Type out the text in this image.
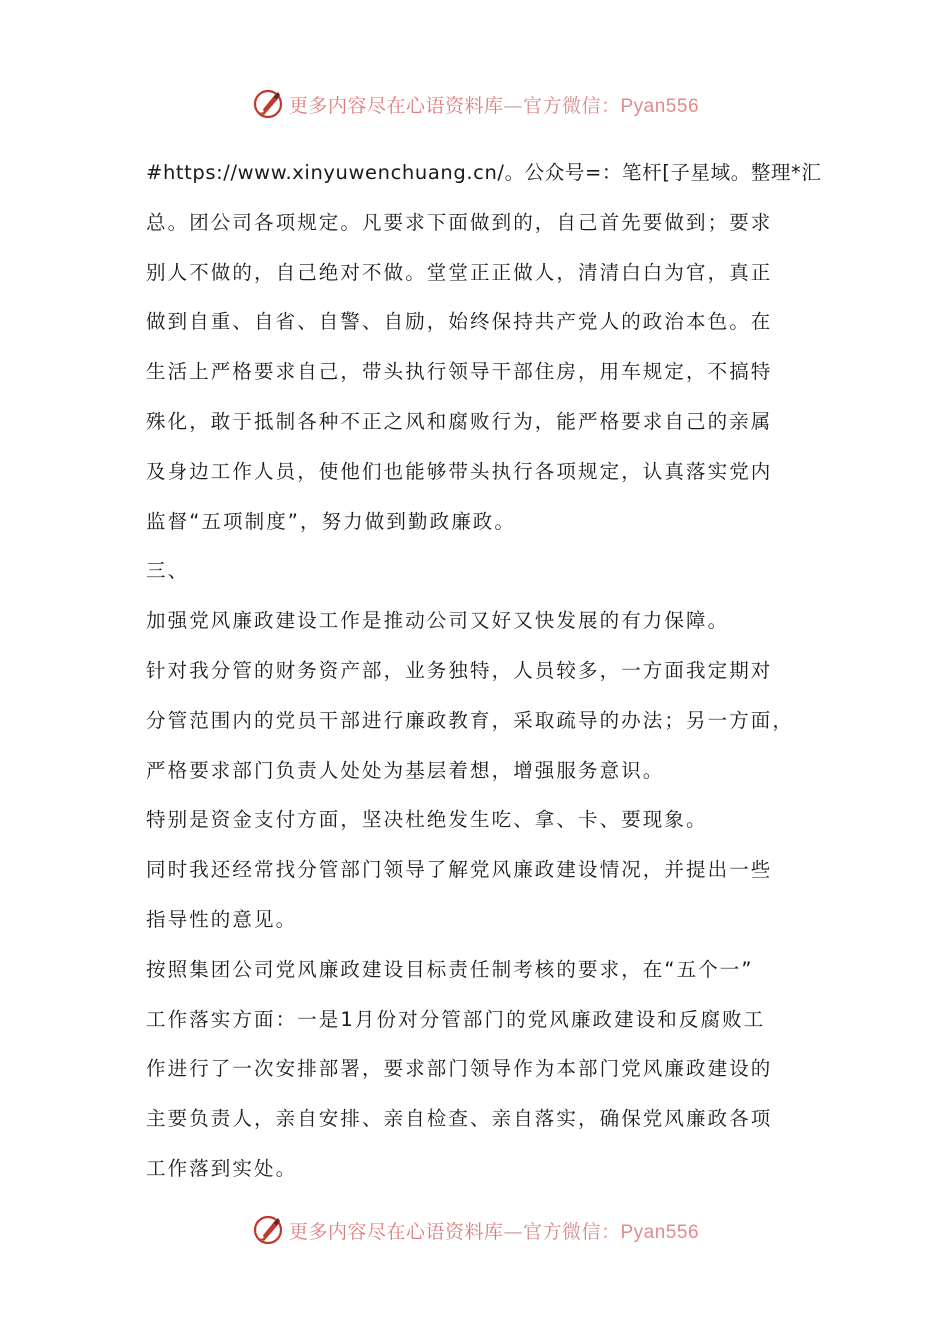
更多内容尽在心语资料库—官方微信：Pyan556
#https://www.xinyuwenchuang.cn/。公众号=：笔杆[子星域。整理*汇
总。团公司各项规定。凡要求下面做到的，自己首先要做到；要求
别人不做的，自己绝对不做。堂堂正正做人，清清白白为官，真正
做到自重、自省、自警、自励，始终保持共产党人的政治本色。在
生活上严格要求自己，带头执行领导干部住房，用车规定，不搞特
殊化，敢于抵制各种不正之风和腐败行为，能严格要求自己的亲属
及身边工作人员，使他们也能够带头执行各项规定，认真落实党内
监督“五项制度”，努力做到勤政廉政。
三、
加强党风廉政建设工作是推动公司又好又快发展的有力保障。
针对我分管的财务资产部，业务独特，人员较多，一方面我定期对
分管范围内的党员干部进行廉政教育，采取疏导的办法；另一方面，
严格要求部门负责人处处为基层着想，增强服务意识。
特别是资金支付方面，坚决杜绝发生吃、拿、卡、要现象。
同时我还经常找分管部门领导了解党风廉政建设情况，并提出一些
指导性的意见。
按照集团公司党风廉政建设目标责任制考核的要求，在“五个一”
工作落实方面：一是1月份对分管部门的党风廉政建设和反腐败工
作进行了一次安排部署，要求部门领导作为本部门党风廉政建设的
主要负责人，亲自安排、亲自检查、亲自落实，确保党风廉政各项
工作落到实处。
更多内容尽在心语资料库—官方微信：Pyan556
